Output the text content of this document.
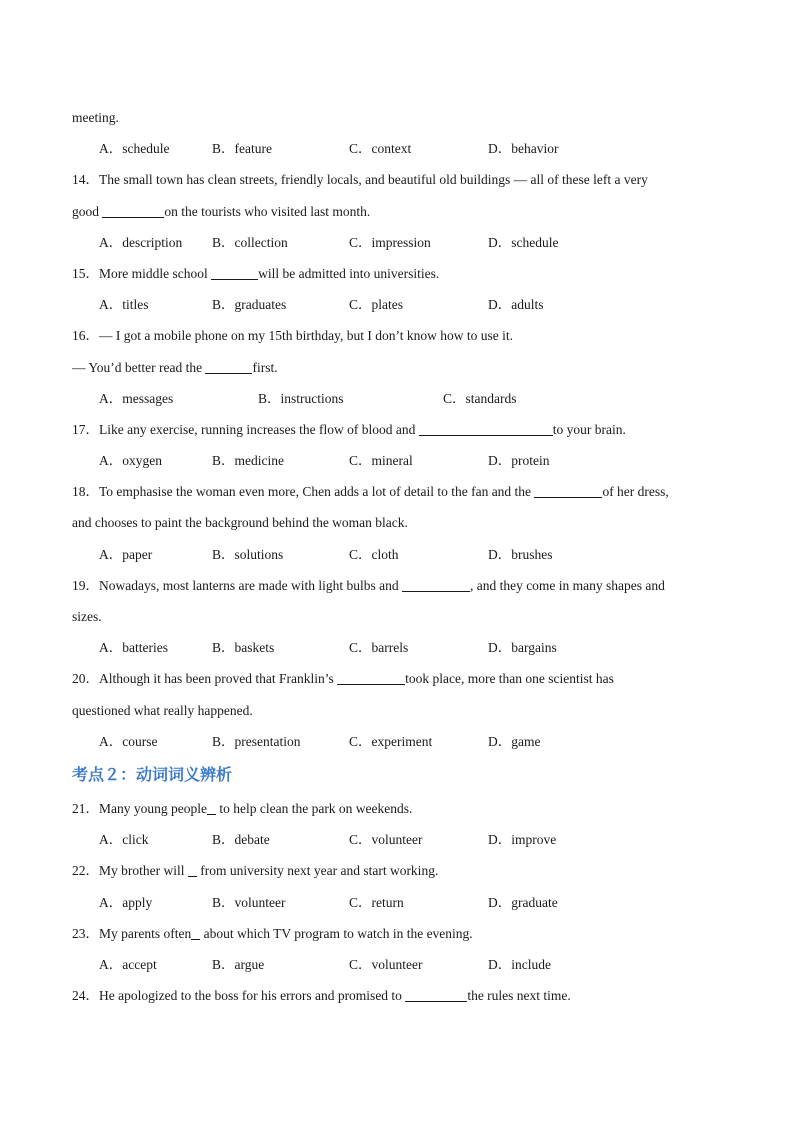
meeting.
A．schedule	B．feature	C．context	D．behavior
14．The small town has clean streets, friendly locals, and beautiful old buildings — all of these left a very
good	on the tourists who visited last month.
A．description	B．collection	C．impression	D．schedule
15．More middle school	will be admitted into universities.
A．titles	B．graduates	C．plates	D．adults
16．— I got a mobile phone on my 15th birthday, but I don’t know how to use it.
— You’d better read the	first.
A．messages	B．instructions	C．standards
17．Like any exercise, running increases the flow of blood and	to your brain.
A．oxygen	B．medicine	C．mineral	D．protein
18．To emphasise the woman even more, Chen adds a lot of detail to the fan and the	of her dress,
and chooses to paint the background behind the woman black.
A．paper	B．solutions	C．cloth	D．brushes
19．Nowadays, most lanterns are made with light bulbs and	, and they come in many shapes and
sizes.
A．batteries	B．baskets	C．barrels	D．bargains
20．Although it has been proved that Franklin’s	took place, more than one scientist has
questioned what really happened.
A．course	B．presentation	C．experiment	D．game
考点２：动词词义辨析
21．Many young people to help clean the park on weekends.
A．click	B．debate	C．volunteer	D．improve
22．My brother will  from university next year and start working.
A．apply	B．volunteer	C．return	D．graduate
23．My parents often about which TV program to watch in the evening.
A．accept	B．argue	C．volunteer	D．include
24．He apologized to the boss for his errors and promised to	the rules next time.
